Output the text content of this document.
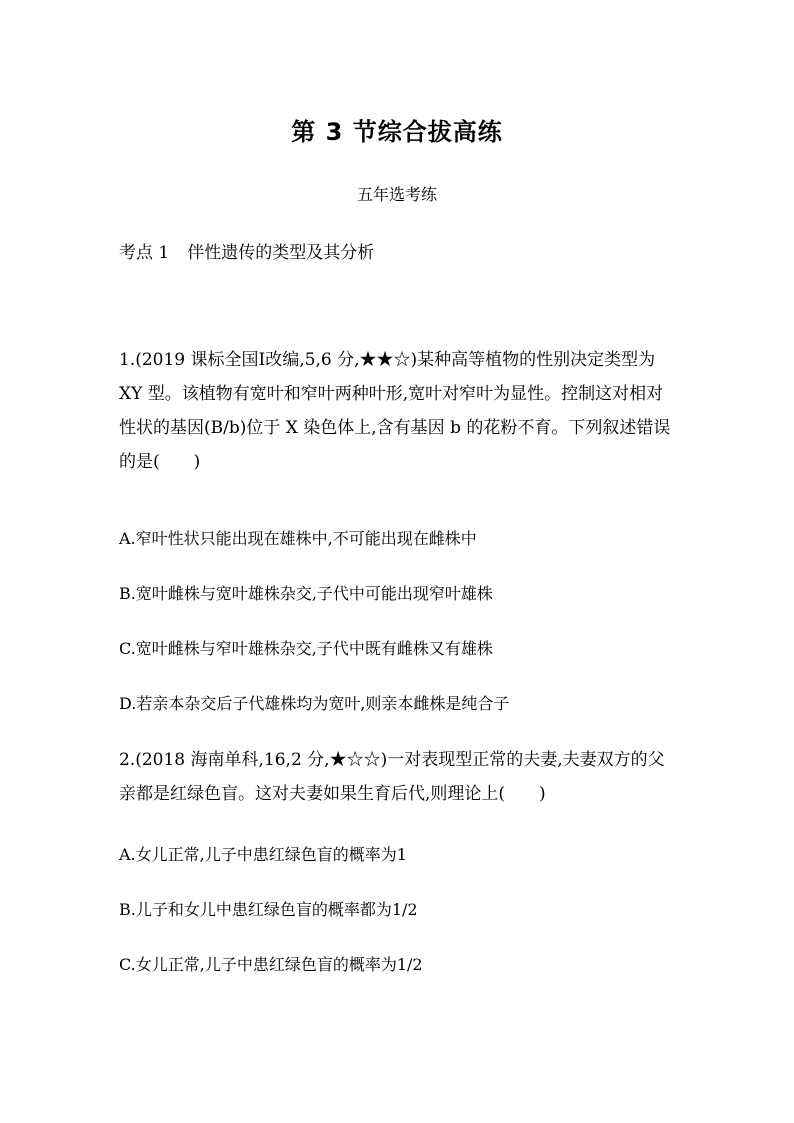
第 3 节综合拔高练
五年选考练
考点 1 伴性遗传的类型及其分析
1.(2019 课标全国Ⅰ改编,5,6 分,★★☆)某种高等植物的性别决定类型为 XY 型。该植物有宽叶和窄叶两种叶形,宽叶对窄叶为显性。控制这对相对性状的基因(B/b)位于 X 染色体上,含有基因 b 的花粉不育。下列叙述错误的是(　　)
A.窄叶性状只能出现在雄株中,不可能出现在雌株中
B.宽叶雌株与宽叶雄株杂交,子代中可能出现窄叶雄株
C.宽叶雌株与窄叶雄株杂交,子代中既有雌株又有雄株
D.若亲本杂交后子代雄株均为宽叶,则亲本雌株是纯合子
2.(2018 海南单科,16,2 分,★☆☆)一对表现型正常的夫妻,夫妻双方的父亲都是红绿色盲。这对夫妻如果生育后代,则理论上(　　)
A.女儿正常,儿子中患红绿色盲的概率为1
B.儿子和女儿中患红绿色盲的概率都为1/2
C.女儿正常,儿子中患红绿色盲的概率为1/2
